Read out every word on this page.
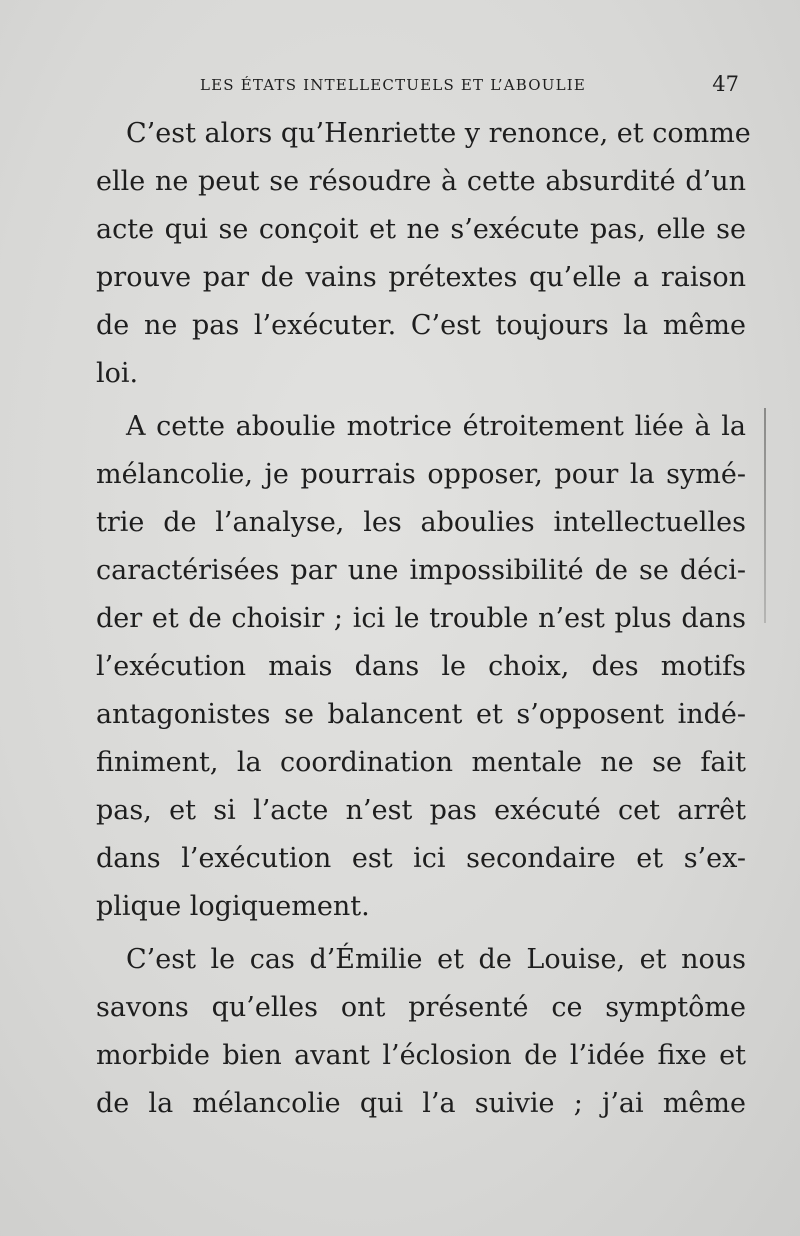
LES ÉTATS INTELLECTUELS ET L’ABOULIE	47
C’est alors qu’Henriette y renonce, et comme
elle ne peut se résoudre à cette absurdité d’un
acte qui se conçoit et ne s’exécute pas, elle se
prouve par de vains prétextes qu’elle a raison
de ne pas l’exécuter. C’est toujours la même
loi.
A cette aboulie motrice étroitement liée à la
mélancolie, je pourrais opposer, pour la symé-
trie de l’analyse, les aboulies intellectuelles
caractérisées par une impossibilité de se déci-
der et de choisir ; ici le trouble n’est plus dans
l’exécution mais dans le choix, des motifs
antagonistes se balancent et s’opposent indé-
finiment, la coordination mentale ne se fait
pas, et si l’acte n’est pas exécuté cet arrêt
dans l’exécution est ici secondaire et s’ex-
plique logiquement.
C’est le cas d’Émilie et de Louise, et nous
savons qu’elles ont présenté ce symptôme
morbide bien avant l’éclosion de l’idée fixe et
de la mélancolie qui l’a suivie ; j’ai même
